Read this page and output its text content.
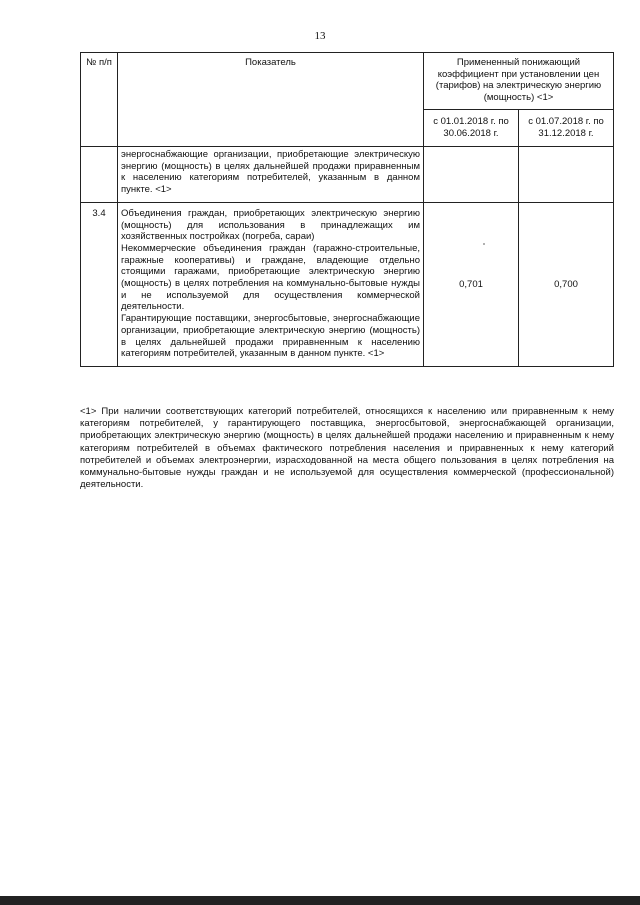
13
№ п/п	Показатель	Примененный понижающий коэффициент при установлении цен (тарифов) на электрическую энергию (мощность) <1>	
		с 01.01.2018 г. по 30.06.2018 г.	с 01.07.2018 г. по 31.12.2018 г.
	энергоснабжающие организации, приобретающие электрическую энергию (мощность) в целях дальнейшей продажи приравненным к населению категориям потребителей, указанным в данном пункте. <1>		
3.4	Объединения граждан, приобретающих электрическую энергию (мощность) для использования в принадлежащих им хозяйственных постройках (погреба, сараи)
Некоммерческие объединения граждан (гаражно-строительные, гаражные кооперативы) и граждане, владеющие отдельно стоящими гаражами, приобретающие электрическую энергию (мощность) в целях потребления на коммунально-бытовые нужды и не используемой для осуществления коммерческой деятельности.
Гарантирующие поставщики, энергосбытовые, энергоснабжающие организации, приобретающие электрическую энергию (мощность) в целях дальнейшей продажи приравненным к населению категориям потребителей, указанным в данном пункте. <1>	0,701	0,700
<1> При наличии соответствующих категорий потребителей, относящихся к населению или приравненным к нему категориям потребителей, у гарантирующего поставщика, энергосбытовой, энергоснабжающей организации, приобретающих электрическую энергию (мощность) в целях дальнейшей продажи населению и приравненным к нему категориям потребителей в объемах фактического потребления населения и приравненных к нему категорий потребителей и объемах электроэнергии, израсходованной на места общего пользования в целях потребления на коммунально-бытовые нужды граждан и не используемой для осуществления коммерческой (профессиональной) деятельности.
